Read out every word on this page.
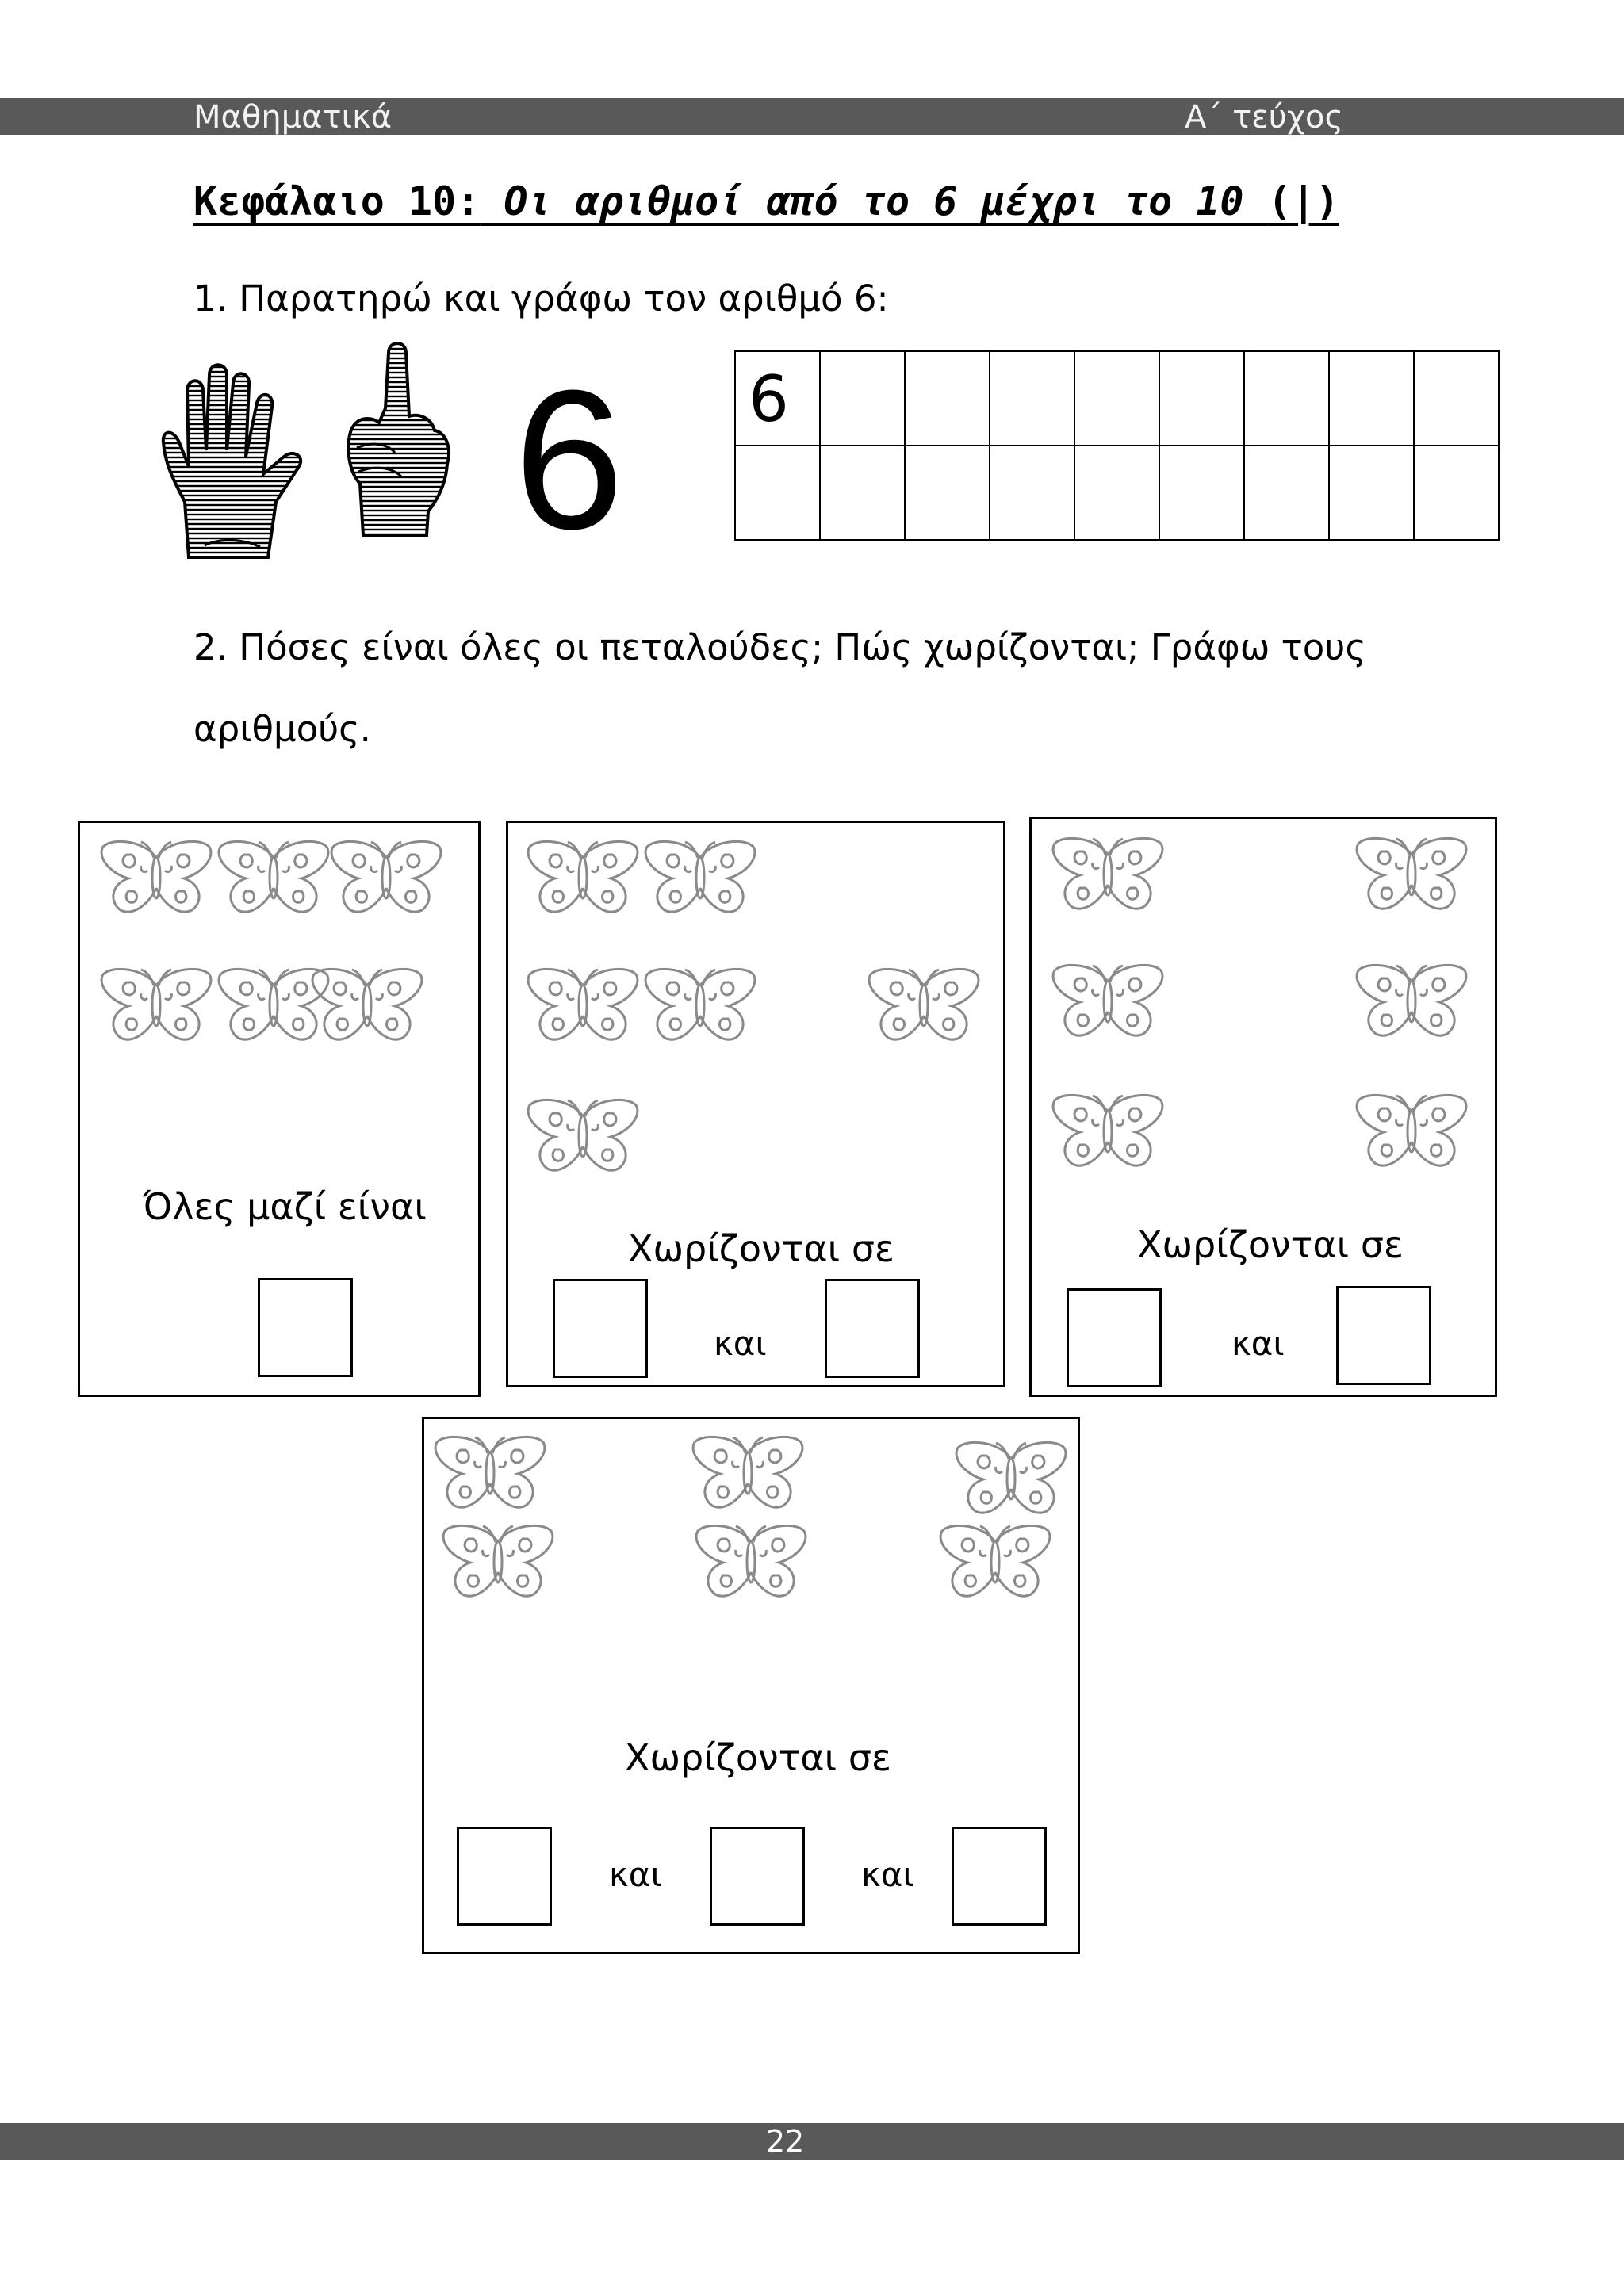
Μαθηματικά	Α΄ τεύχος
Κεφάλαιο 10: Οι αριθμοί από το 6 μέχρι το 10 (|)
1. Παρατηρώ και γράφω τον αριθμό 6:
6 6
2. Πόσες είναι όλες οι πεταλούδες; Πώς χωρίζονται; Γράφω τους
αριθμούς.
Όλες μαζί είναι
Χωρίζονται σε
και
Χωρίζονται σε
και
Χωρίζονται σε
και	και
22
